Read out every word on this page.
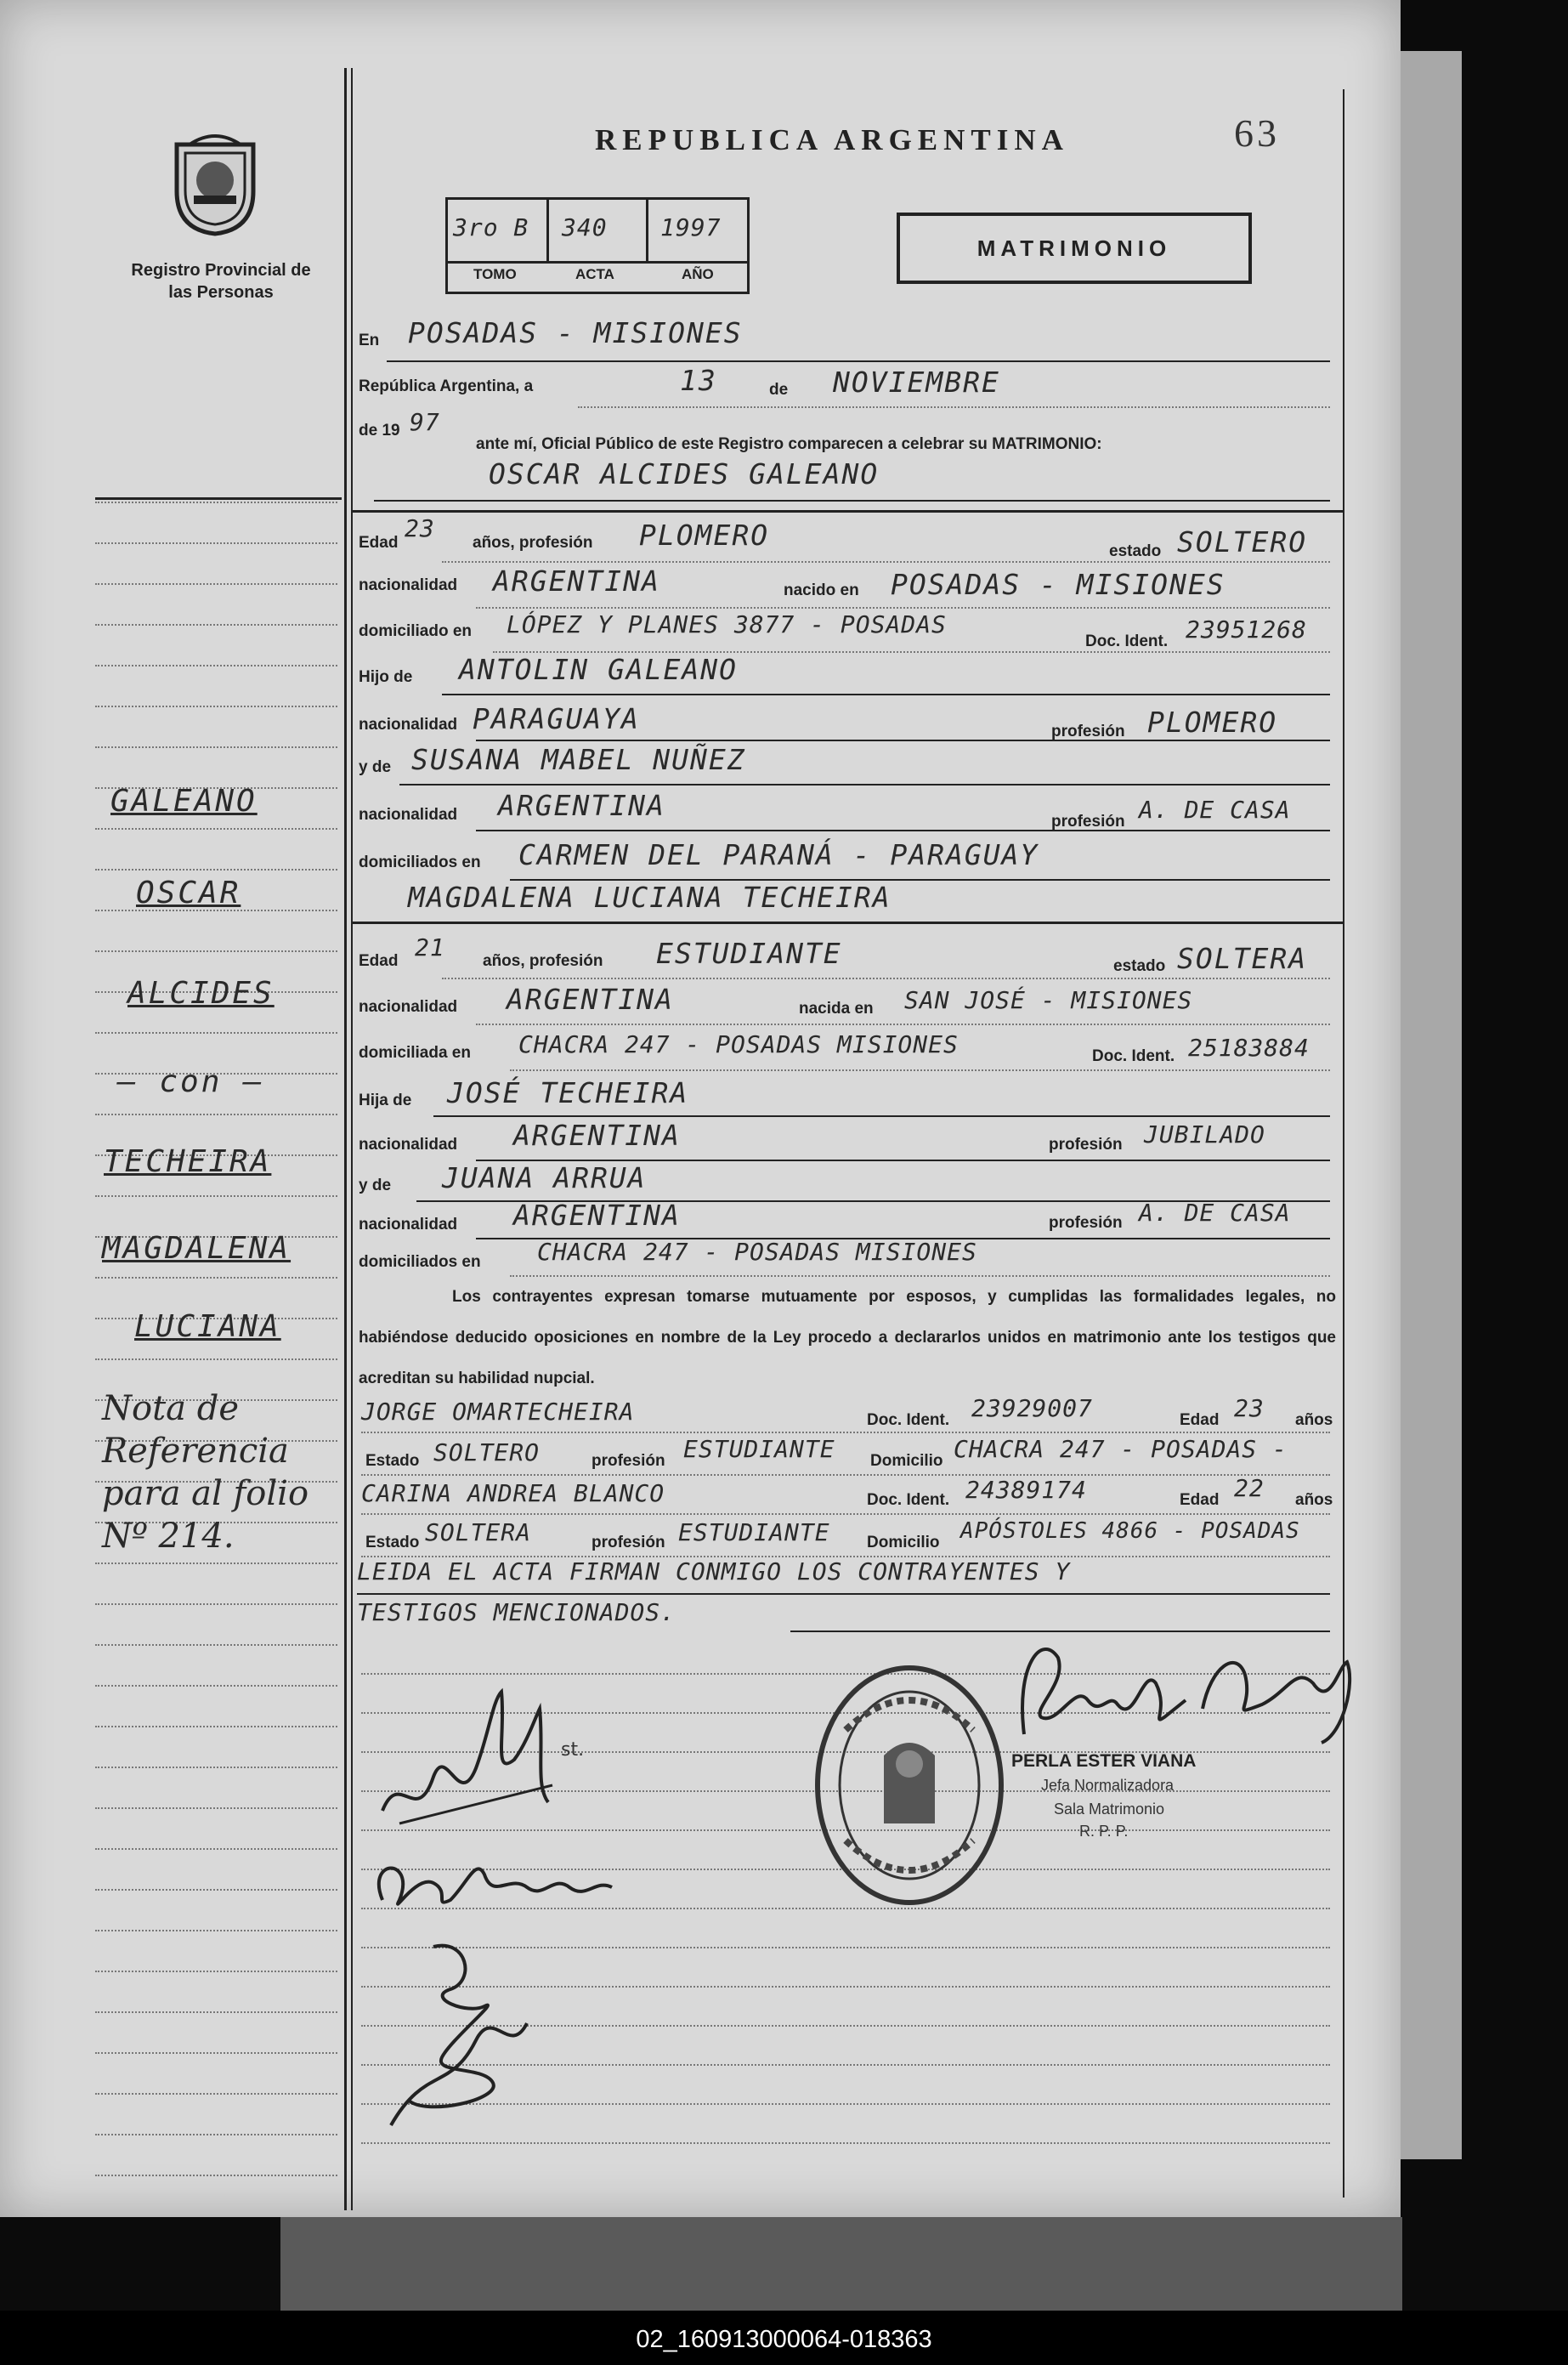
02_160913000064-018363
Registro Provincial de las Personas
REPUBLICA ARGENTINA	63
3ro B 340 1997
TOMO	ACTA	AÑO
MATRIMONIO
En POSADAS - MISIONES
República Argentina, a	13	de NOVIEMBRE
de 19 97
ante mí, Oficial Público de este Registro comparecen a celebrar su MATRIMONIO:
OSCAR ALCIDES GALEANO
Edad
23
años, profesión PLOMERO	estado SOLTERO
nacionalidad ARGENTINA	nacido en POSADAS - MISIONES
domiciliado en LÓPEZ Y PLANES 3877 - POSADAS
Doc. Ident. 23951268
Hijo de ANTOLIN GALEANO
nacionalidad PARAGUAYA	profesión PLOMERO
y de SUSANA MABEL NUÑEZ
nacionalidad ARGENTINA	profesión A. DE CASA
domiciliados en CARMEN DEL PARANÁ - PARAGUAY
MAGDALENA LUCIANA TECHEIRA
Edad 21 años, profesión ESTUDIANTE	estado SOLTERA
nacionalidad ARGENTINA	nacida en SAN JOSÉ - MISIONES
domiciliada en CHACRA 247 - POSADAS MISIONES	Doc. Ident. 25183884
Hija de JOSÉ TECHEIRA
nacionalidad ARGENTINA	profesión JUBILADO
y de JUANA ARRUA
nacionalidad ARGENTINA	profesión A. DE CASA
domiciliados en CHACRA 247 - POSADAS MISIONES
Los contrayentes expresan tomarse mutuamente por esposos, y cumplidas las formalidades legales, no habiéndose deducido oposiciones en nombre de la Ley procedo a declararlos unidos en matrimonio ante los testigos que acreditan su habilidad nupcial.
JORGE OMARTECHEIRA	Doc. Ident. 23929007	Edad 23 años
Estado SOLTERO	profesión ESTUDIANTE Domicilio CHACRA 247 - POSADAS -
CARINA ANDREA BLANCO	Doc. Ident. 24389174	Edad 22 años
Estado SOLTERA	profesión ESTUDIANTE Domicilio APÓSTOLES 4866 - POSADAS
LEIDA EL ACTA FIRMAN CONMIGO LOS CONTRAYENTES Y
TESTIGOS MENCIONADOS.
GALEANO
OSCAR
ALCIDES
— con —
TECHEIRA
MAGDALENA
LUCIANA
Nota de
Referencia
para al folio
Nº 214.
PERLA ESTER VIANA
Jefa Normalizadora
Sala Matrimonio
R. P. P.
st.
